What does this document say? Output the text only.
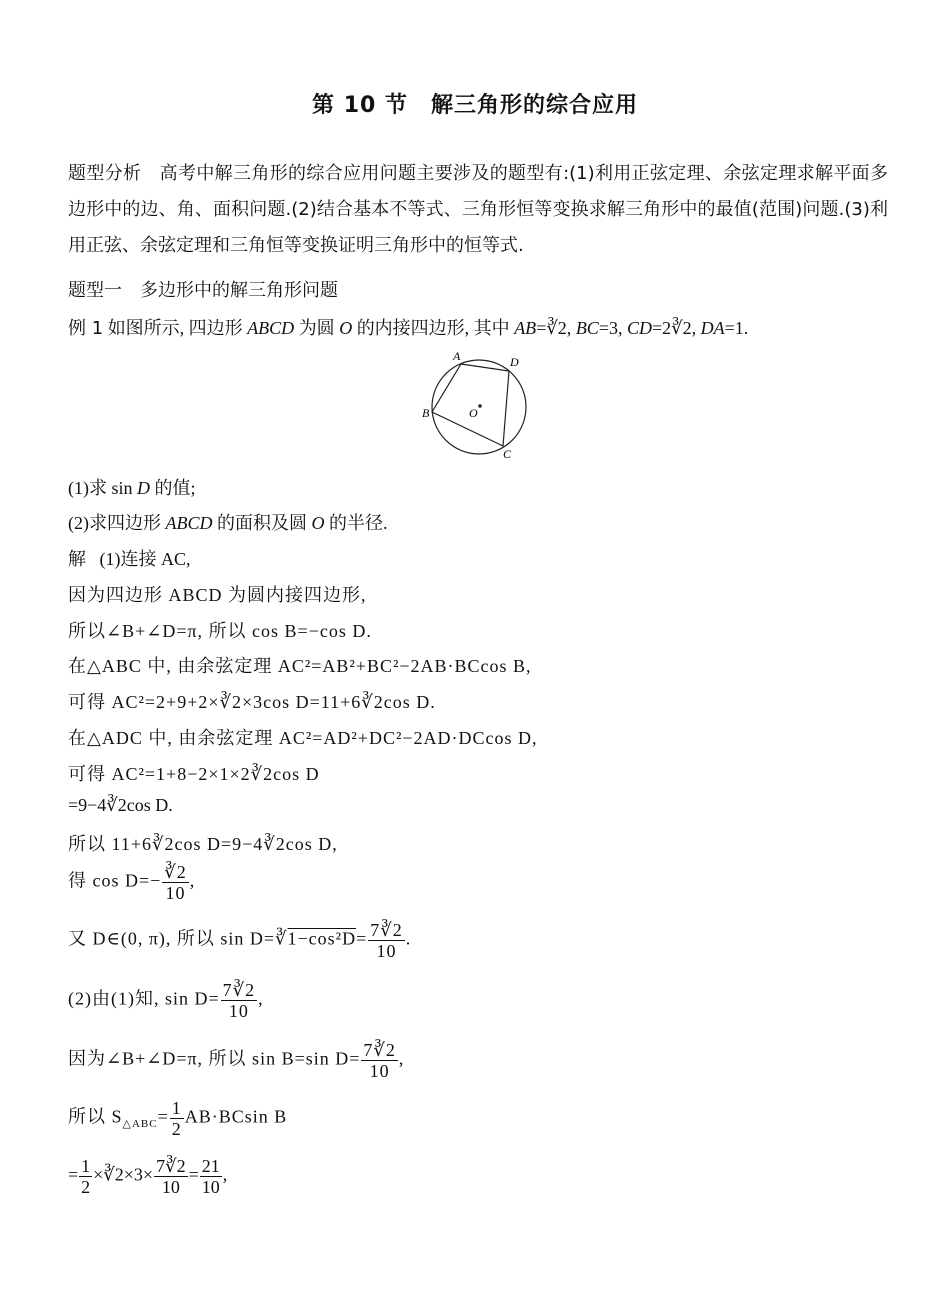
第 10 节　解三角形的综合应用
题型分析　高考中解三角形的综合应用问题主要涉及的题型有:(1)利用正弦定理、余弦定理求解平面多边形中的边、角、面积问题.(2)结合基本不等式、三角形恒等变换求解三角形中的最值(范围)问题.(3)利用正弦、余弦定理和三角恒等变换证明三角形中的恒等式.
题型一　多边形中的解三角形问题
例 1 如图所示, 四边形 ABCD 为圆 O 的内接四边形, 其中 AB=∛2, BC=3, CD=2∛2, DA=1.
A	D
B
C
O
(1)求 sin D 的值;
(2)求四边形 ABCD 的面积及圆 O 的半径.
解 (1)连接 AC,
因为四边形 ABCD 为圆内接四边形,
所以∠B+∠D=π, 所以 cos B=−cos D.
在△ABC 中, 由余弦定理 AC²=AB²+BC²−2AB·BCcos B,
可得 AC²=2+9+2×∛2×3cos D=11+6∛2cos D.
在△ADC 中, 由余弦定理 AC²=AD²+DC²−2AD·DCcos D,
可得 AC²=1+8−2×1×2∛2cos D
=9−4∛2cos D.
所以 11+6∛2cos D=9−4∛2cos D,
得 $\cos D=- \frac{∛2}{10}$ ,
又 D∈(0, π), 所以 sin D=∛1−cos²D= $\frac{7∛2}{10}$ .
(2)由(1)知, $\sin D= \frac{7∛2}{10}$ ,
因为∠B+∠D=π, 所以 sin B=sin $D= \frac{7∛2}{10}$ ,
所以 $S_{\triangle ABC}= \frac{1}{2} AB\cdot BCsin$ B
= $\frac{1}{2}$ ×∛2×3× $\frac{7∛2}{10} = \frac{21}{10}$ ,
